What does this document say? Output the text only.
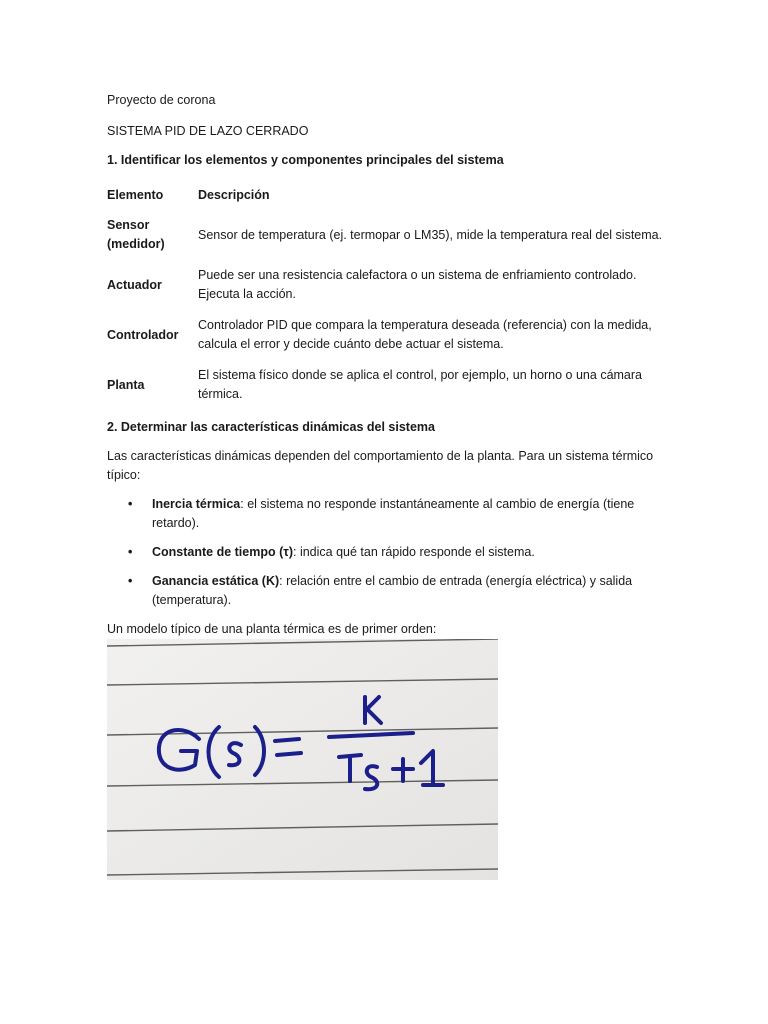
Proyecto de corona

SISTEMA PID DE LAZO CERRADO

1. Identificar los elementos y componentes principales del sistema

Elemento	Descripción
Sensor (medidor)	Sensor de temperatura (ej. termopar o LM35), mide la temperatura real del sistema.
Actuador	Puede ser una resistencia calefactora o un sistema de enfriamiento controlado. Ejecuta la acción.
Controlador	Controlador PID que compara la temperatura deseada (referencia) con la medida, calcula el error y decide cuánto debe actuar el sistema.
Planta	El sistema físico donde se aplica el control, por ejemplo, un horno o una cámara térmica.

2. Determinar las características dinámicas del sistema

Las características dinámicas dependen del comportamiento de la planta. Para un sistema térmico típico:

• Inercia térmica: el sistema no responde instantáneamente al cambio de energía (tiene retardo).
• Constante de tiempo (τ): indica qué tan rápido responde el sistema.
• Ganancia estática (K): relación entre el cambio de entrada (energía eléctrica) y salida (temperatura).

Un modelo típico de una planta térmica es de primer orden:
